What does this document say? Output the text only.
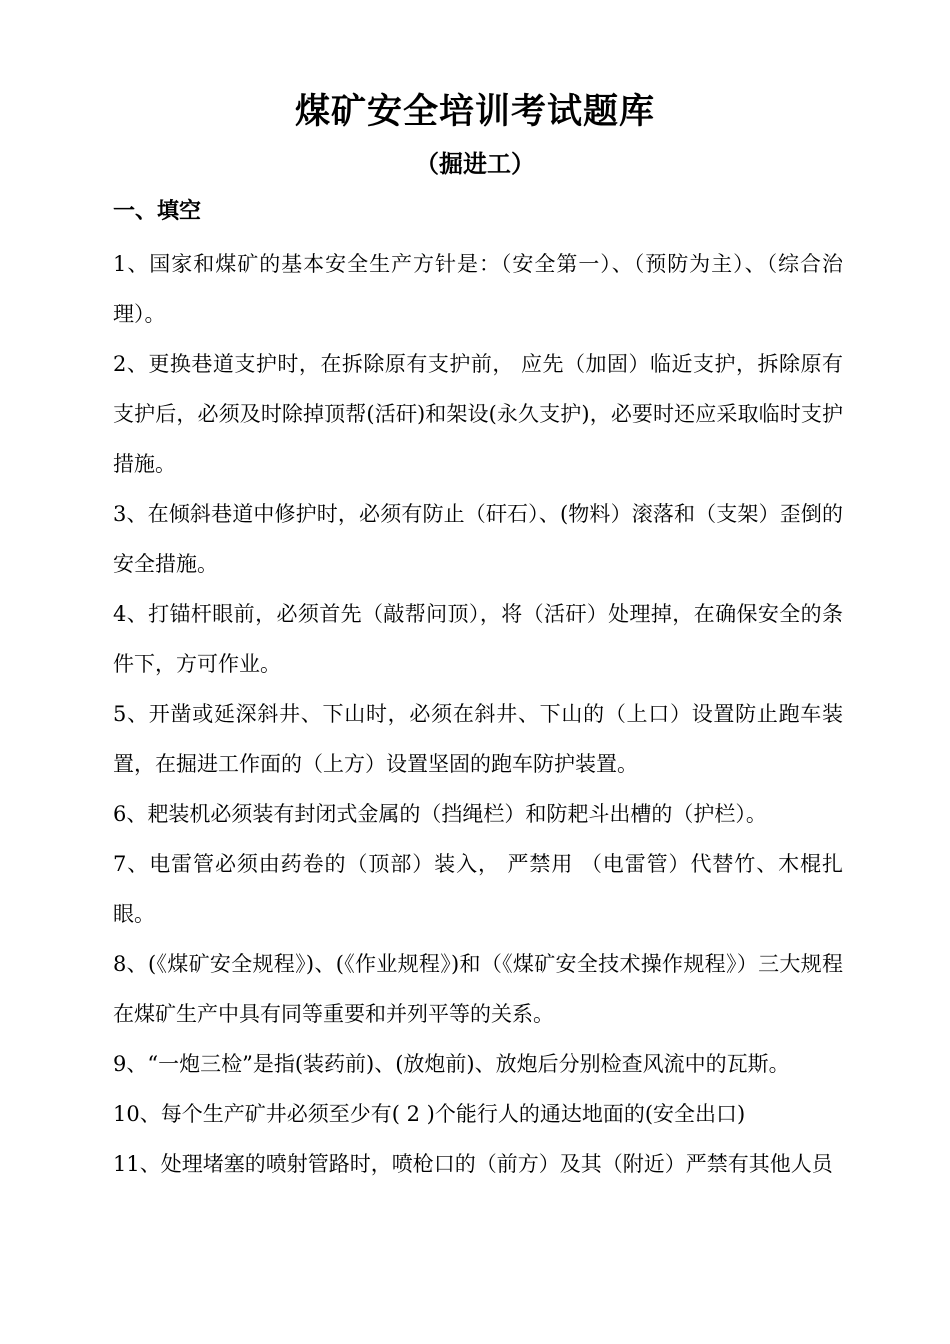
煤矿安全培训考试题库
（掘进工）
一、填空

1、国家和煤矿的基本安全生产方针是：（安全第一）、（预防为主）、（综合治理）。

2、更换巷道支护时，在拆除原有支护前， 应先（加固）临近支护，拆除原有支护后，必须及时除掉顶帮(活矸)和架设(永久支护)，必要时还应采取临时支护措施。

3、在倾斜巷道中修护时，必须有防止（矸石）、(物料）滚落和（支架）歪倒的安全措施。

4、打锚杆眼前，必须首先（敲帮问顶），将（活矸）处理掉，在确保安全的条件下，方可作业。

5、开凿或延深斜井、下山时，必须在斜井、下山的（上口）设置防止跑车装置，在掘进工作面的（上方）设置坚固的跑车防护装置。

6、耙装机必须装有封闭式金属的（挡绳栏）和防耙斗出槽的（护栏）。

7、电雷管必须由药卷的（顶部）装入， 严禁用 （电雷管）代替竹、木棍扎眼。

8、(《煤矿安全规程》)、(《作业规程》)和（《煤矿安全技术操作规程》）三大规程在煤矿生产中具有同等重要和并列平等的关系。

9、“一炮三检”是指(装药前)、(放炮前)、放炮后分别检查风流中的瓦斯。

10、每个生产矿井必须至少有( 2 )个能行人的通达地面的(安全出口)

11、处理堵塞的喷射管路时，喷枪口的（前方）及其（附近）严禁有其他人员
